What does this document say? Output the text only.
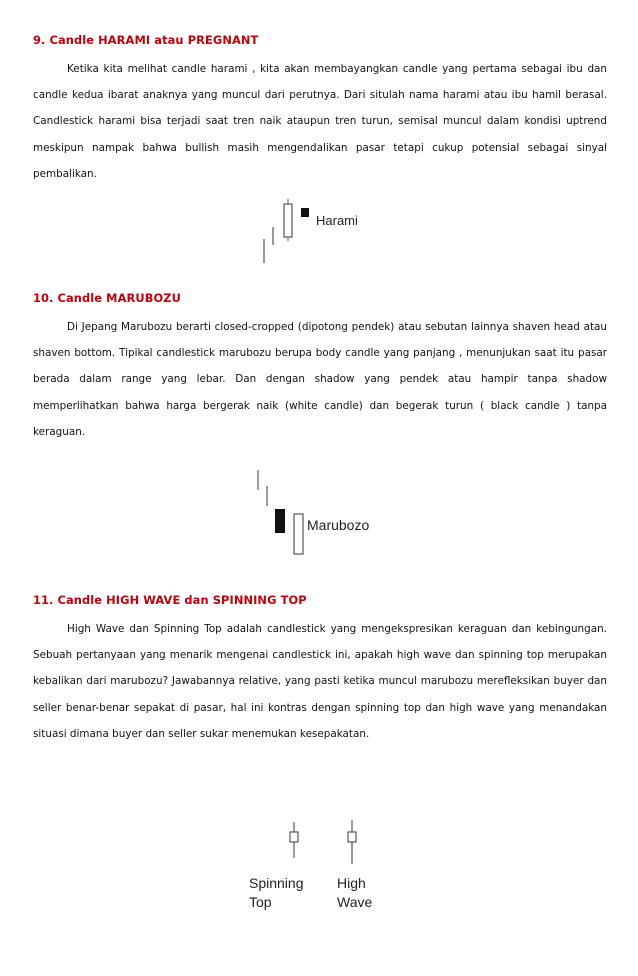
9. Candle HARAMI atau PREGNANT
Ketika kita melihat candle harami , kita akan membayangkan candle yang pertama sebagai ibu dan candle kedua ibarat anaknya yang muncul dari perutnya. Dari situlah nama harami atau ibu hamil berasal. Candlestick harami bisa terjadi saat tren naik ataupun tren turun, semisal muncul dalam kondisi uptrend meskipun nampak bahwa bullish masih mengendalikan pasar tetapi cukup potensial sebagai sinyal pembalikan.
Harami
10. Candle MARUBOZU
Di Jepang Marubozu berarti closed-cropped (dipotong pendek) atau sebutan lainnya shaven head atau shaven bottom. Tipikal candlestick marubozu berupa body candle yang panjang , menunjukan saat itu pasar berada dalam range yang lebar. Dan dengan shadow yang pendek atau hampir tanpa shadow memperlihatkan bahwa harga bergerak naik (white candle) dan begerak turun ( black candle ) tanpa keraguan.
Marubozo
11. Candle HIGH WAVE dan SPINNING TOP
High Wave dan Spinning Top adalah candlestick yang mengekspresikan keraguan dan kebingungan. Sebuah pertanyaan yang menarik mengenai candlestick ini, apakah high wave dan spinning top merupakan kebalikan dari marubozu? Jawabannya relative, yang pasti ketika muncul marubozu merefleksikan buyer dan seller benar-benar sepakat di pasar, hal ini kontras dengan spinning top dan high wave yang menandakan situasi dimana buyer dan seller sukar menemukan kesepakatan.
Spinning
Top
High
Wave
